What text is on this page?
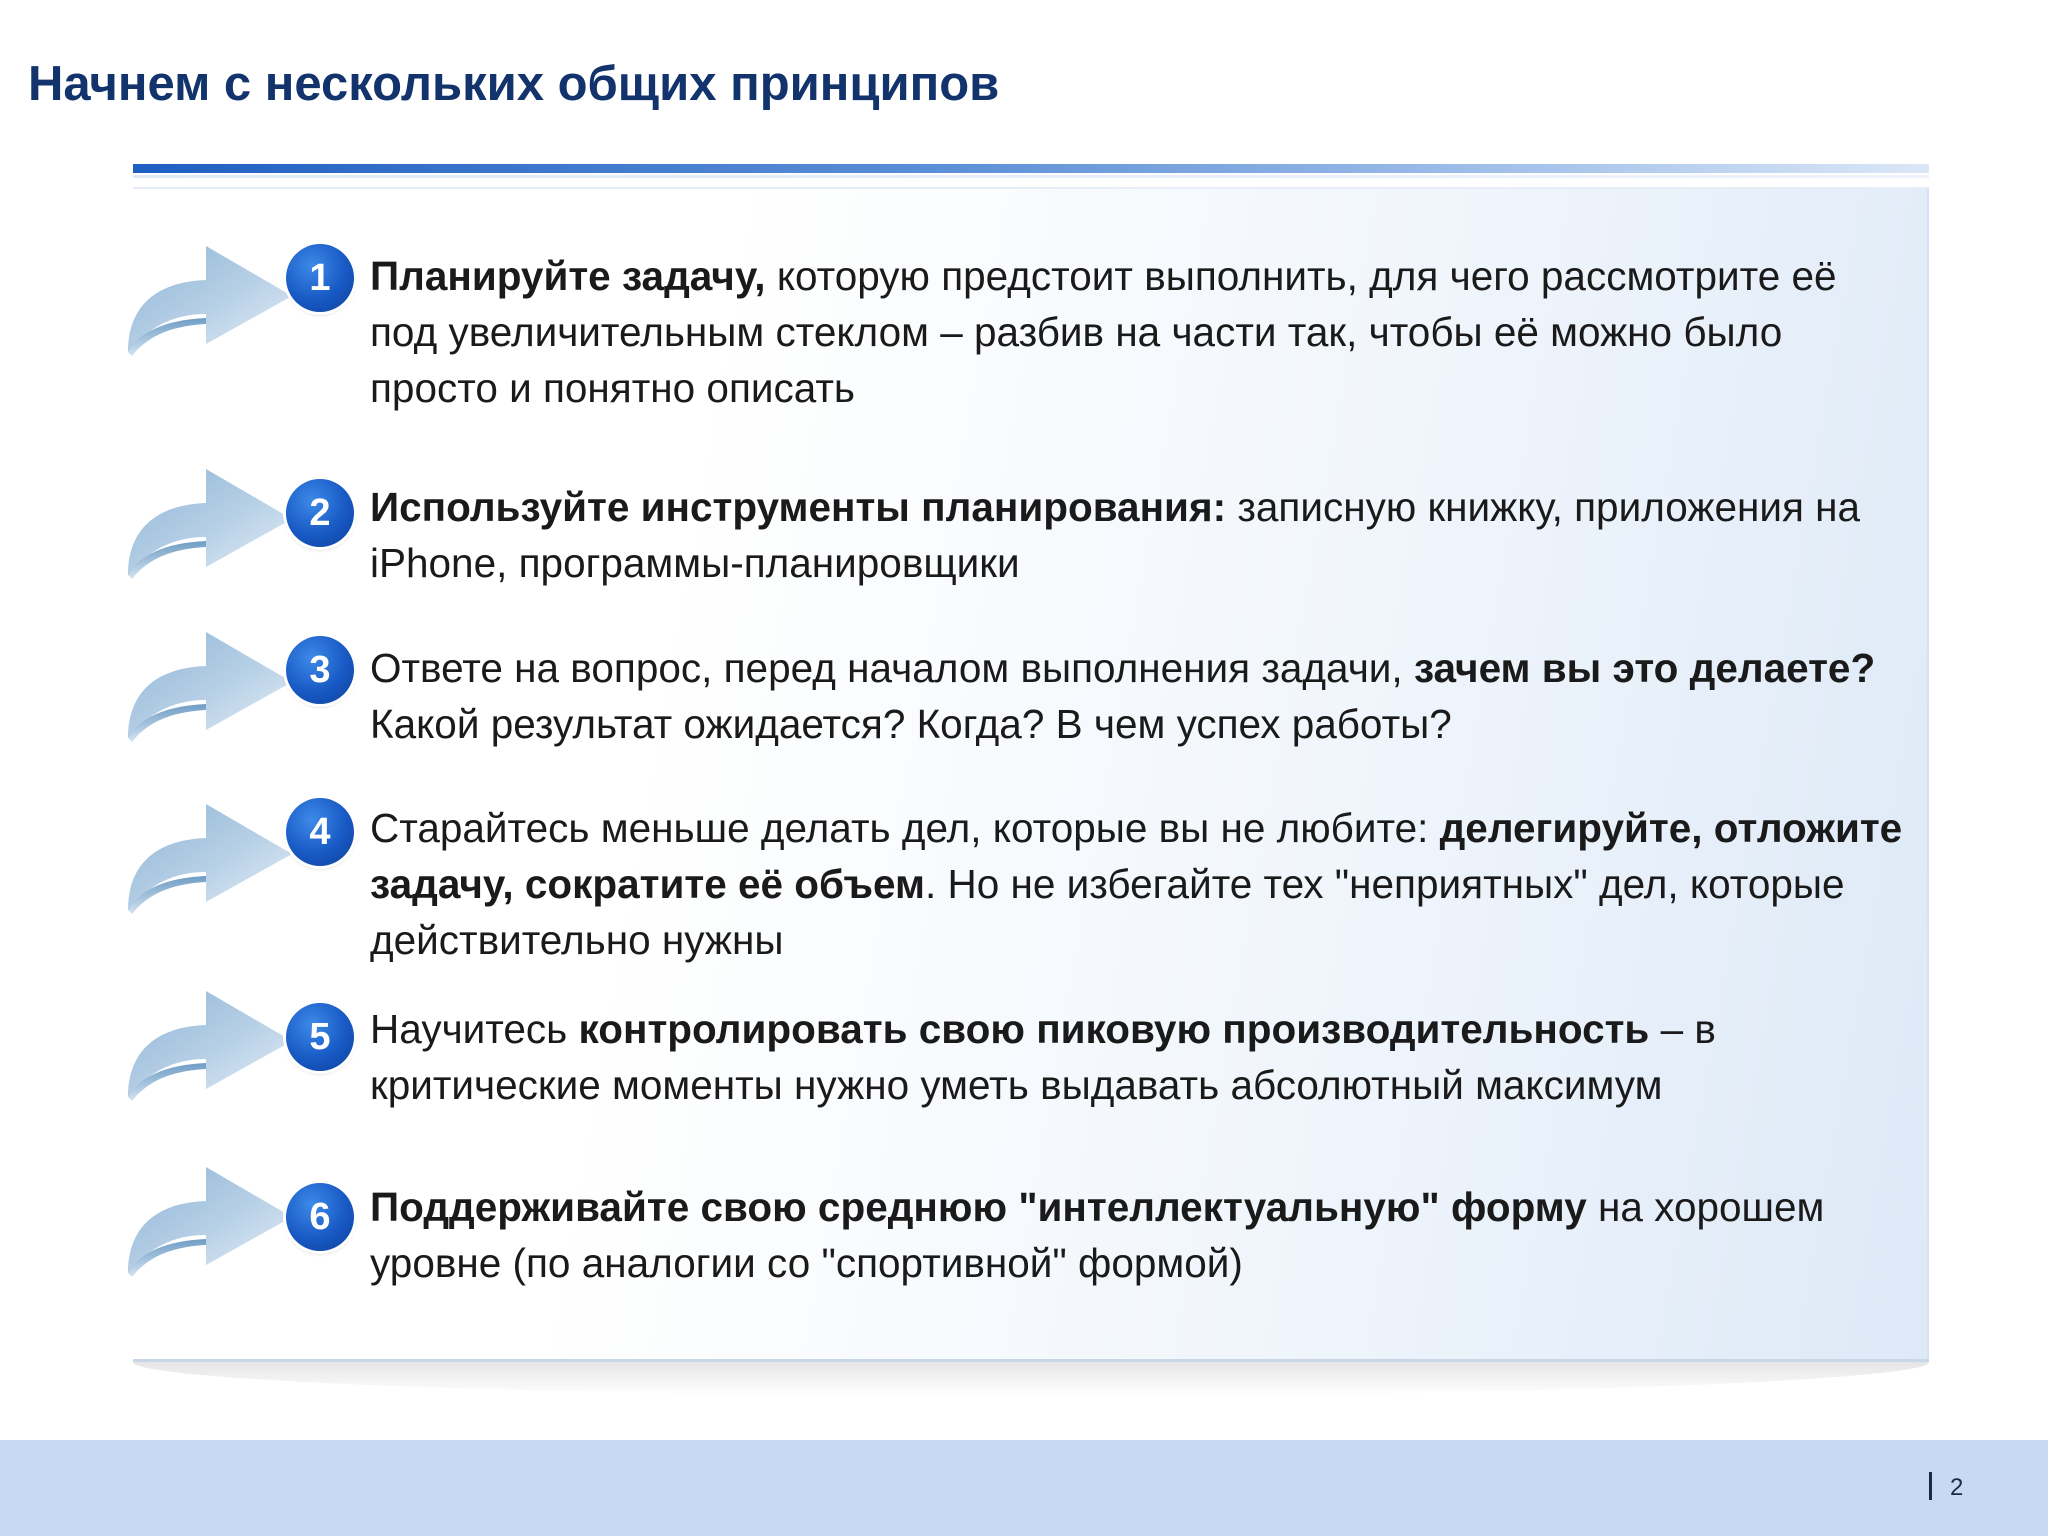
Начнем с нескольких общих принципов
1 Планируйте задачу, которую предстоит выполнить, для чего рассмотрите её под увеличительным стеклом – разбив на части так, чтобы её можно было просто и понятно описать

2 Используйте инструменты планирования: записную книжку, приложения на iPhone, программы-планировщики

3 Ответе на вопрос, перед началом выполнения задачи, зачем вы это делаете? Какой результат ожидается? Когда? В чем успех работы?

4 Старайтесь меньше делать дел, которые вы не любите: делегируйте, отложите задачу, сократите её объем. Но не избегайте тех "неприятных" дел, которые действительно нужны

5 Научитесь контролировать свою пиковую производительность – в критические моменты нужно уметь выдавать абсолютный максимум

6 Поддерживайте свою среднюю "интеллектуальную" форму на хорошем уровне (по аналогии со "спортивной" формой)

2
